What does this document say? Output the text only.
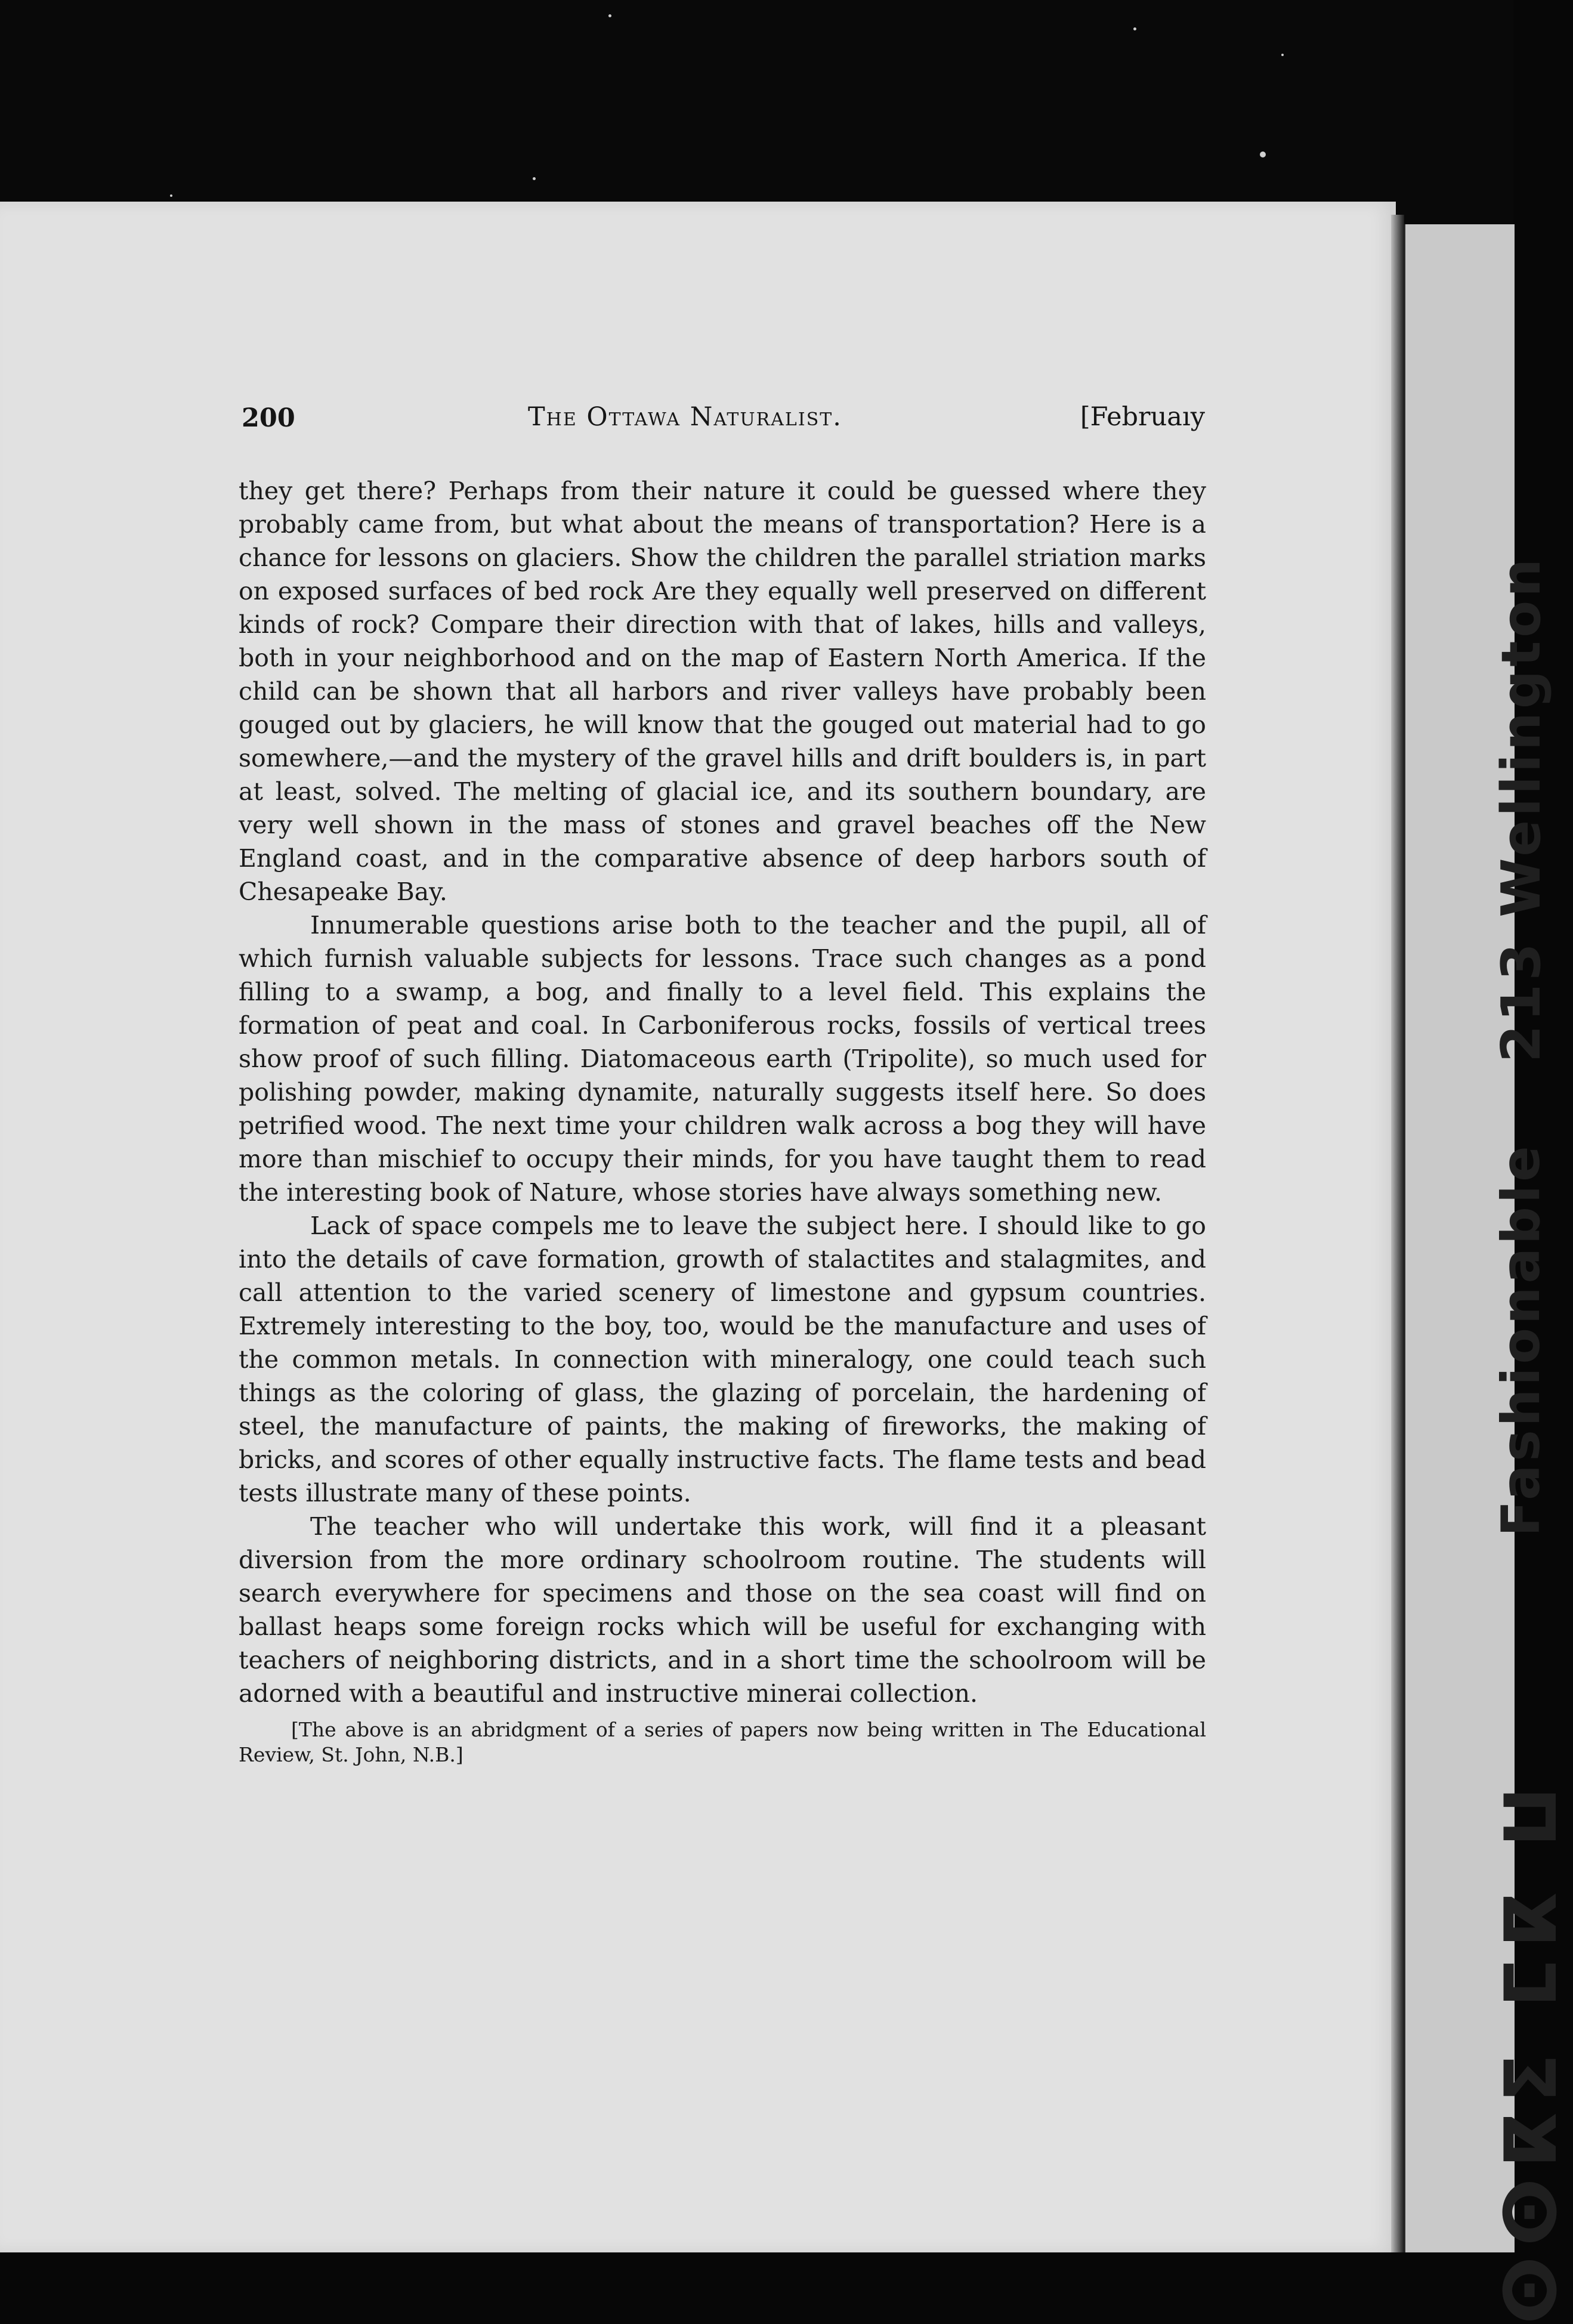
213 Wellington
Fashionable
ⵙⵙⴽⵉ ⵎⴽ ⵡ
200	The Ottawa Naturalist.	[Februaıy

they get there? Perhaps from their nature it could be guessed where they probably came from, but what about the means of transportation? Here is a chance for lessons on glaciers. Show the children the parallel striation marks on exposed surfaces of bed rock Are they equally well preserved on different kinds of rock? Compare their direction with that of lakes, hills and valleys, both in your neighborhood and on the map of Eastern North America. If the child can be shown that all harbors and river valleys have probably been gouged out by glaciers, he will know that the gouged out material had to go somewhere,—and the mystery of the gravel hills and drift boulders is, in part at least, solved. The melting of glacial ice, and its southern boundary, are very well shown in the mass of stones and gravel beaches off the New England coast, and in the comparative absence of deep harbors south of Chesapeake Bay.

Innumerable questions arise both to the teacher and the pupil, all of which furnish valuable subjects for lessons. Trace such changes as a pond filling to a swamp, a bog, and finally to a level field. This explains the formation of peat and coal. In Carboniferous rocks, fossils of vertical trees show proof of such filling. Diatomaceous earth (Tripolite), so much used for polishing powder, making dynamite, naturally suggests itself here. So does petrified wood. The next time your children walk across a bog they will have more than mischief to occupy their minds, for you have taught them to read the interesting book of Nature, whose stories have always something new.

Lack of space compels me to leave the subject here. I should like to go into the details of cave formation, growth of stalactites and stalagmites, and call attention to the varied scenery of limestone and gypsum countries. Extremely interesting to the boy, too, would be the manufacture and uses of the common metals. In connection with mineralogy, one could teach such things as the coloring of glass, the glazing of porcelain, the hardening of steel, the manufacture of paints, the making of fireworks, the making of bricks, and scores of other equally instructive facts. The flame tests and bead tests illustrate many of these points.

The teacher who will undertake this work, will find it a pleasant diversion from the more ordinary schoolroom routine. The students will search everywhere for specimens and those on the sea coast will find on ballast heaps some foreign rocks which will be useful for exchanging with teachers of neighboring districts, and in a short time the schoolroom will be adorned with a beautiful and instructive minerai collection.

[The above is an abridgment of a series of papers now being written in The Educational Review, St. John, N.B.]
